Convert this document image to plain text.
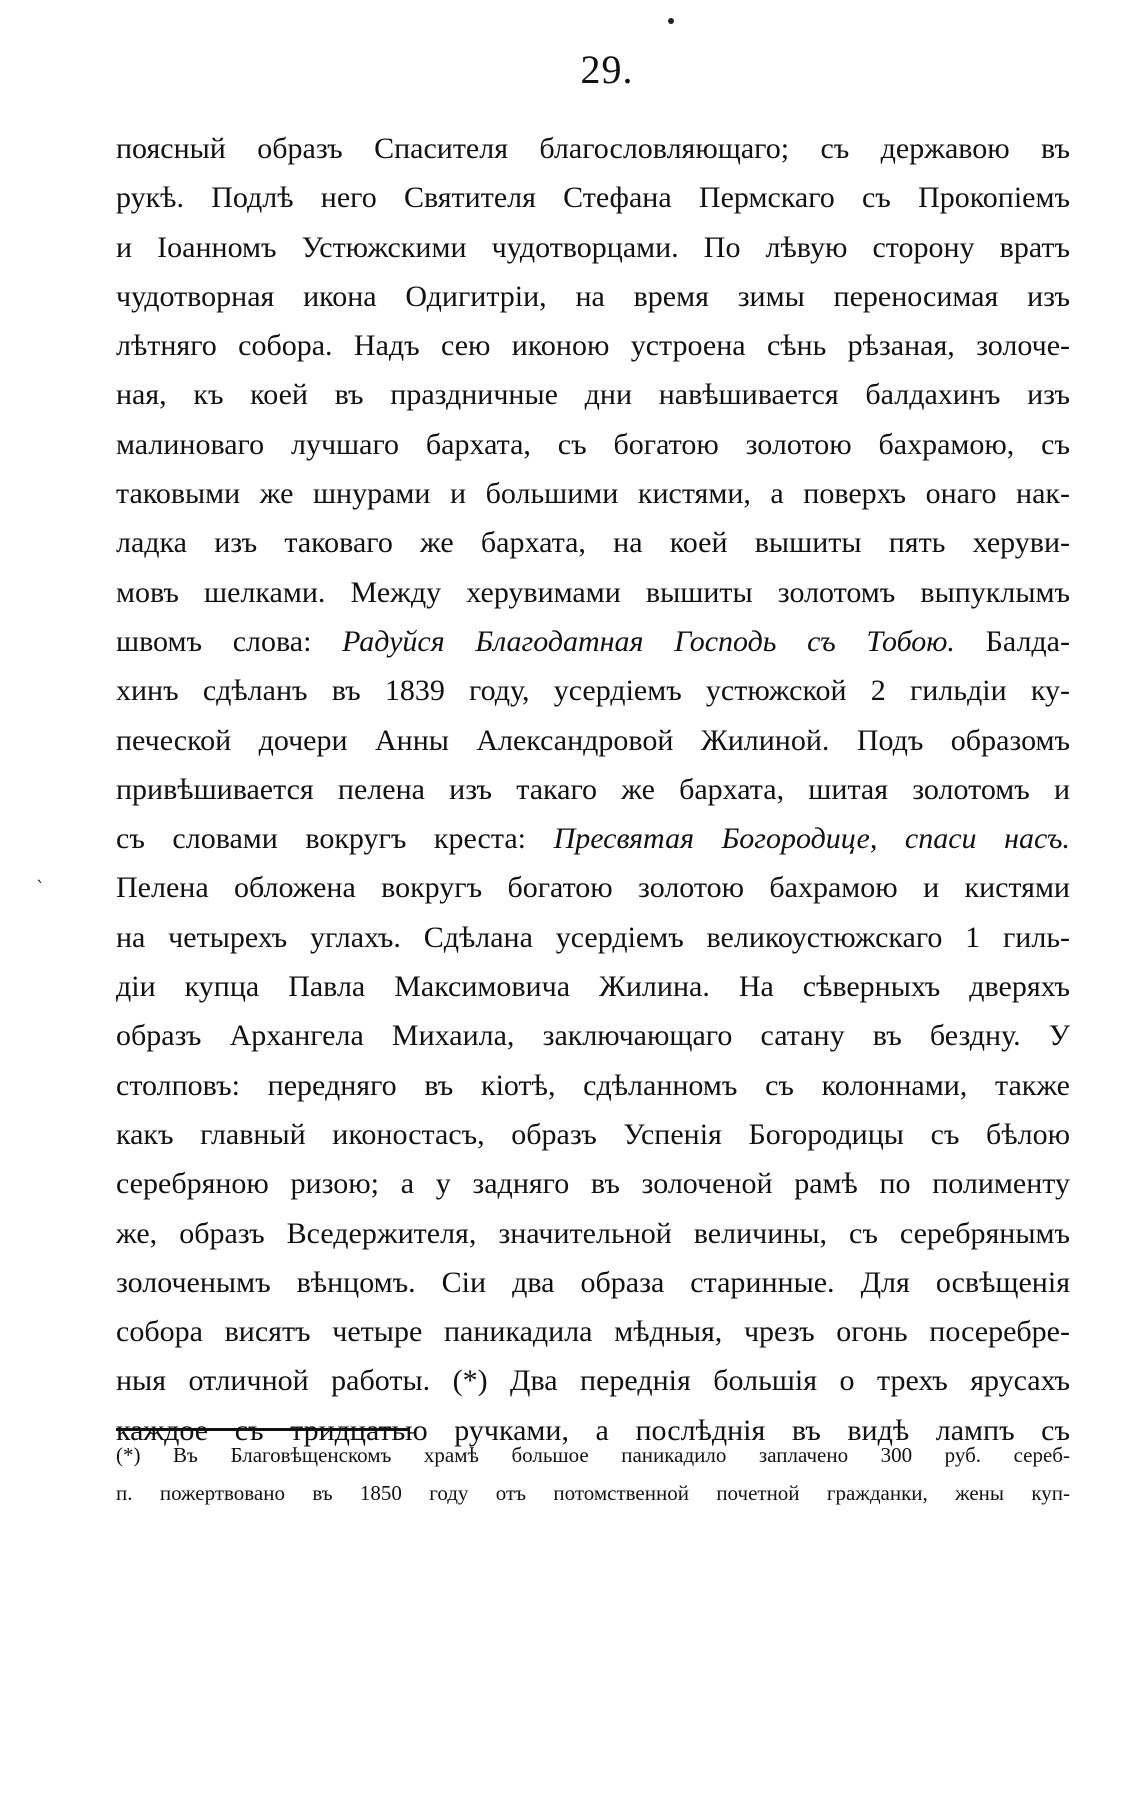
`
29.
поясный образъ Спасителя благословляющаго; съ державою въ
рукѣ. Подлѣ него Святителя Стефана Пермскаго съ Прокопіемъ
и Іоанномъ Устюжскими чудотворцами. По лѣвую сторону вратъ
чудотворная икона Одигитріи, на время зимы переносимая изъ
лѣтняго собора. Надъ сею иконою устроена сѣнь рѣзаная, золоче-
ная, къ коей въ праздничные дни навѣшивается балдахинъ изъ
малиноваго лучшаго бархата, съ богатою золотою бахрамою, съ
таковыми же шнурами и большими кистями, а поверхъ онаго нак-
ладка изъ таковаго же бархата, на коей вышиты пять херуви-
мовъ шелками. Между херувимами вышиты золотомъ выпуклымъ
швомъ слова: Радуйся Благодатная Господь съ Тобою. Балда-
хинъ сдѣланъ въ 1839 году, усердіемъ устюжской 2 гильдіи ку-
печеской дочери Анны Александровой Жилиной. Подъ образомъ
привѣшивается пелена изъ такаго же бархата, шитая золотомъ и
съ словами вокругъ креста: Пресвятая Богородице, спаси насъ.
Пелена обложена вокругъ богатою золотою бахрамою и кистями
на четырехъ углахъ. Сдѣлана усердіемъ великоустюжскаго 1 гиль-
діи купца Павла Максимовича Жилина. На сѣверныхъ дверяхъ
образъ Архангела Михаила, заключающаго сатану въ бездну. У
столповъ: передняго въ кіотѣ, сдѣланномъ съ колоннами, также
какъ главный иконостасъ, образъ Успенія Богородицы съ бѣлою
серебряною ризою; а у задняго въ золоченой рамѣ по полименту
же, образъ Вседержителя, значительной величины, съ серебрянымъ
золоченымъ вѣнцомъ. Сіи два образа старинные. Для освѣщенія
собора висятъ четыре паникадила мѣдныя, чрезъ огонь посеребре-
ныя отличной работы. (*) Два переднія большія о трехъ ярусахъ
каждое съ тридцатью ручками, а послѣднія въ видѣ лампъ съ
(*) Въ Благовѣщенскомъ храмѣ большое паникадило заплачено 300 руб. сереб-
п. пожертвовано въ 1850 году отъ потомственной почетной гражданки, жены куп-
